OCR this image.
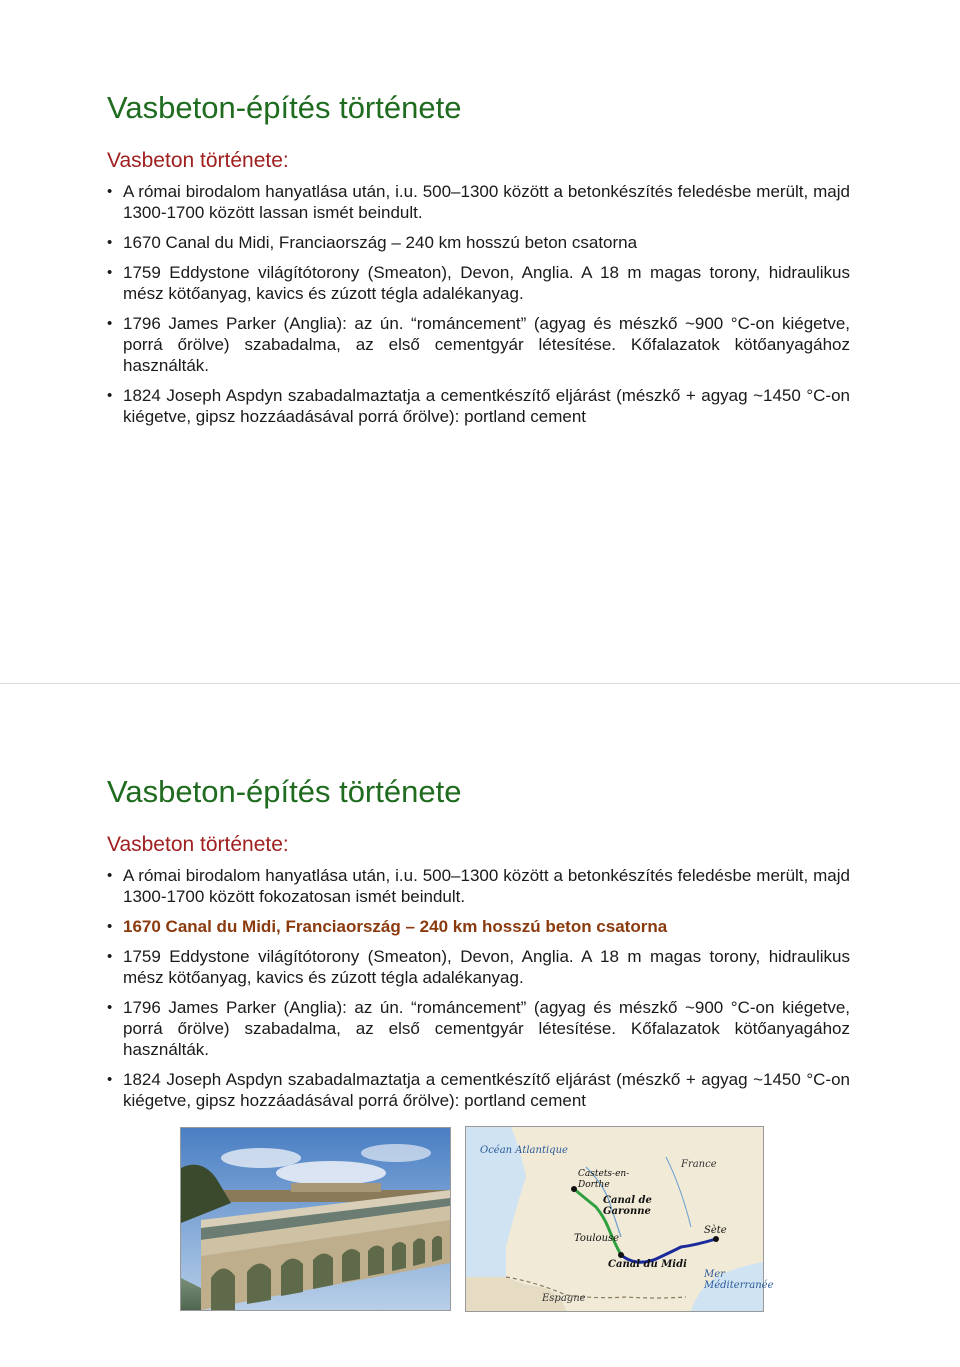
Vasbeton-építés története
Vasbeton története:
• A római birodalom hanyatlása után, i.u. 500–1300 között a betonkészítés feledésbe merült, majd 1300-1700 között lassan ismét beindult.
• 1670 Canal du Midi, Franciaország – 240 km hosszú beton csatorna
• 1759 Eddystone világítótorony (Smeaton), Devon, Anglia. A 18 m magas torony, hidraulikus mész kötőanyag, kavics és zúzott tégla adalékanyag.
• 1796 James Parker (Anglia): az ún. “románcement” (agyag és mészkő ~900 °C-on kiégetve, porrá őrölve) szabadalma, az első cementgyár létesítése. Kőfalazatok kötőanyagához használták.
• 1824 Joseph Aspdyn szabadalmaztatja a cementkészítő eljárást (mészkő + agyag ~1450 °C-on kiégetve, gipsz hozzáadásával porrá őrölve): portland cement
Vasbeton-építés története
Vasbeton története:
• A római birodalom hanyatlása után, i.u. 500–1300 között a betonkészítés feledésbe merült, majd 1300-1700 között fokozatosan ismét beindult.
• 1670 Canal du Midi, Franciaország – 240 km hosszú beton csatorna
• 1759 Eddystone világítótorony (Smeaton), Devon, Anglia. A 18 m magas torony, hidraulikus mész kötőanyag, kavics és zúzott tégla adalékanyag.
• 1796 James Parker (Anglia): az ún. “románcement” (agyag és mészkő ~900 °C-on kiégetve, porrá őrölve) szabadalma, az első cementgyár létesítése. Kőfalazatok kötőanyagához használták.
• 1824 Joseph Aspdyn szabadalmaztatja a cementkészítő eljárást (mészkő + agyag ~1450 °C-on kiégetve, gipsz hozzáadásával porrá őrölve): portland cement
Océan Atlantique
France
Castets-en-Dorthe
Canal de Garonne
Toulouse
Sète
Canal du Midi
Mer Méditerranée
Espagne
